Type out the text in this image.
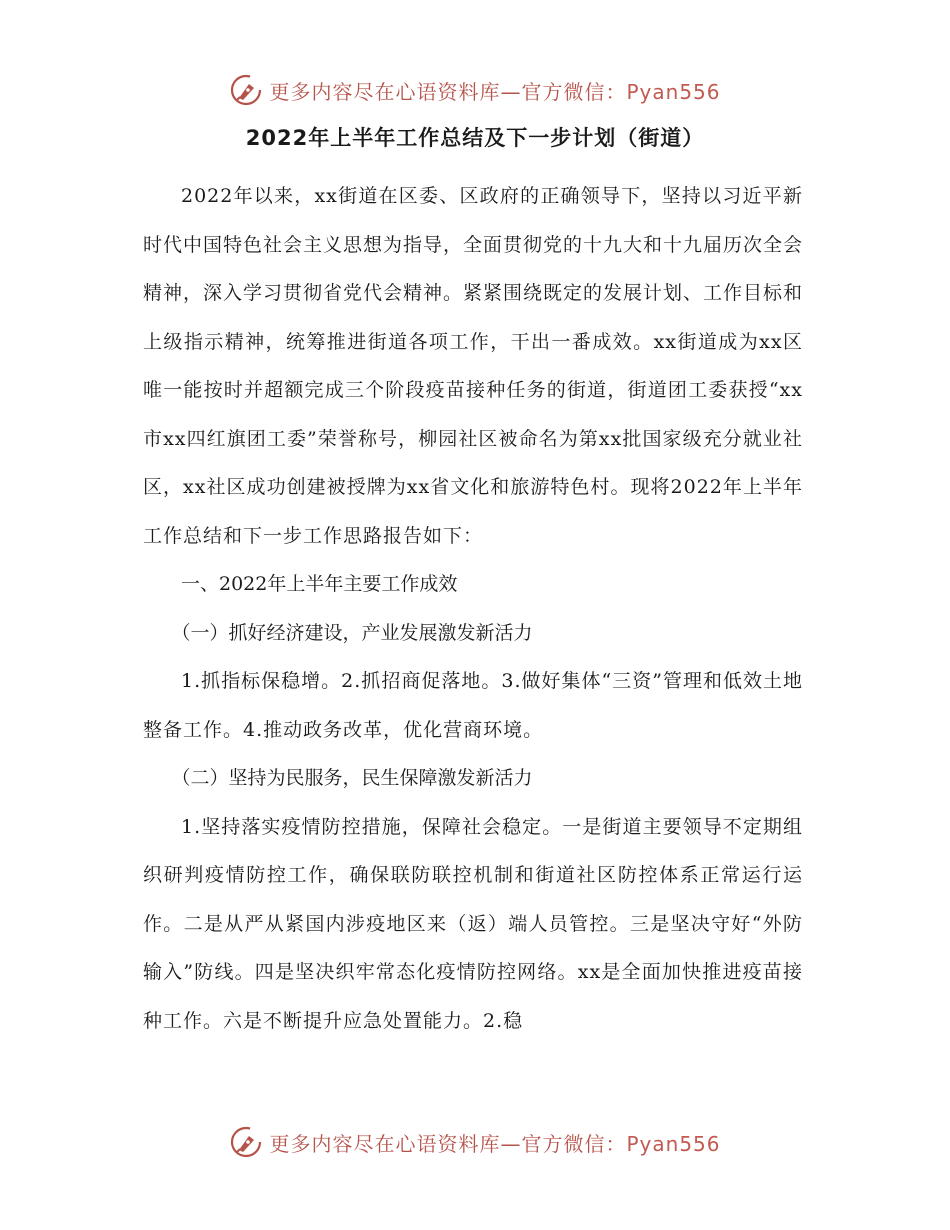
更多内容尽在心语资料库—官方微信：Pyan556
2022年上半年工作总结及下一步计划（街道）

2022年以来，xx街道在区委、区政府的正确领导下，坚持以习近平新时代中国特色社会主义思想为指导，全面贯彻党的十九大和十九届历次全会精神，深入学习贯彻省党代会精神。紧紧围绕既定的发展计划、工作目标和上级指示精神，统筹推进街道各项工作，干出一番成效。xx街道成为xx区唯一能按时并超额完成三个阶段疫苗接种任务的街道，街道团工委获授“xx市xx四红旗团工委”荣誉称号，柳园社区被命名为第xx批国家级充分就业社区，xx社区成功创建被授牌为xx省文化和旅游特色村。现将2022年上半年工作总结和下一步工作思路报告如下：

一、2022年上半年主要工作成效

（一）抓好经济建设，产业发展激发新活力

1.抓指标保稳增。2.抓招商促落地。3.做好集体“三资”管理和低效土地整备工作。4.推动政务改革，优化营商环境。

（二）坚持为民服务，民生保障激发新活力

1.坚持落实疫情防控措施，保障社会稳定。一是街道主要领导不定期组织研判疫情防控工作，确保联防联控机制和街道社区防控体系正常运行运作。二是从严从紧国内涉疫地区来（返）端人员管控。三是坚决守好“外防输入”防线。四是坚决织牢常态化疫情防控网络。xx是全面加快推进疫苗接种工作。六是不断提升应急处置能力。2.稳

更多内容尽在心语资料库—官方微信：Pyan556
